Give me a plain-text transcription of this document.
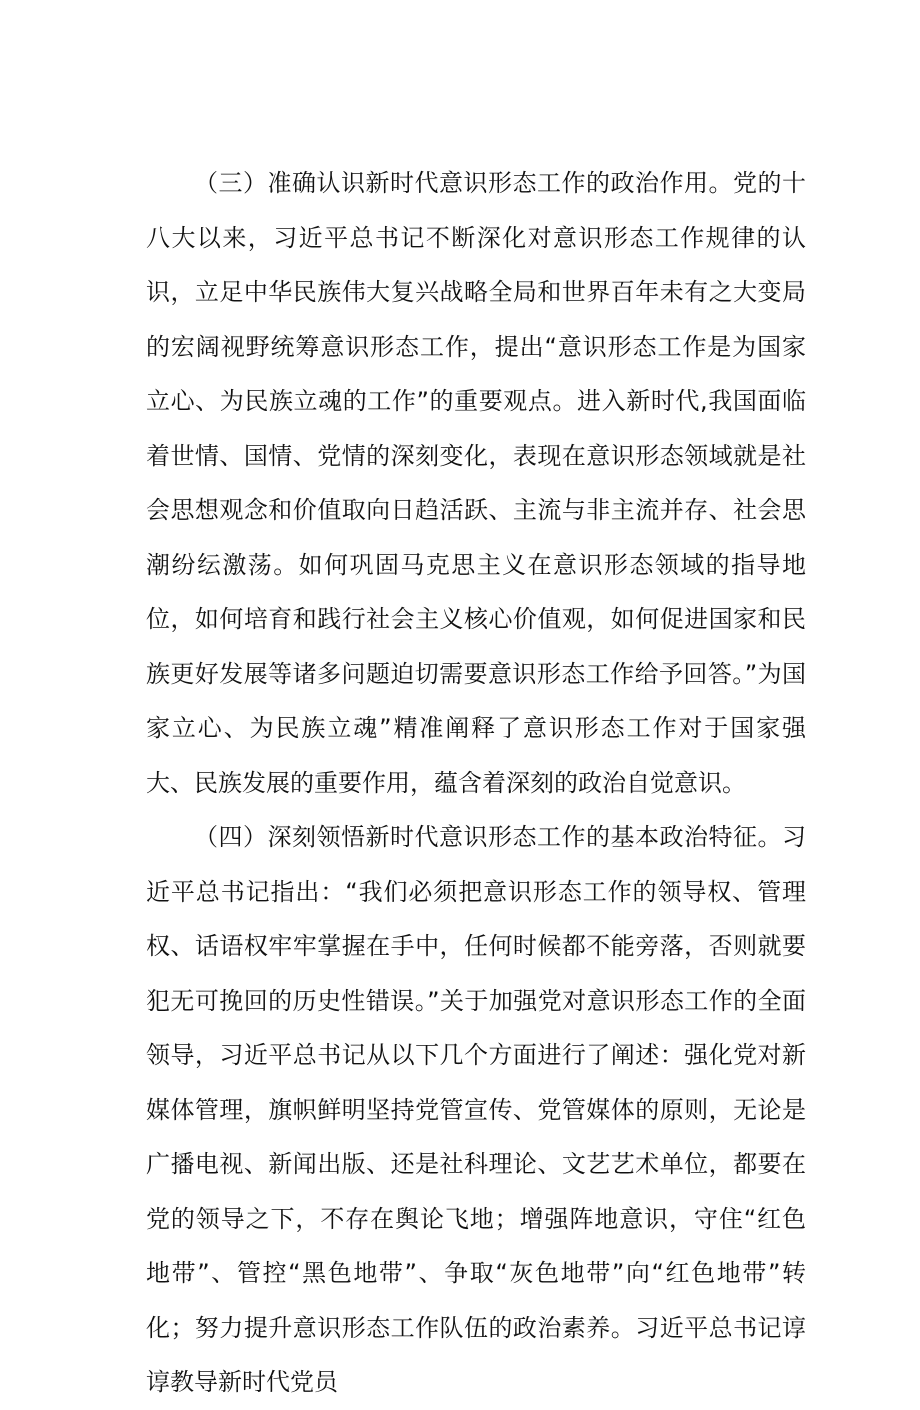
（三）准确认识新时代意识形态工作的政治作用。党的十八大以来，习近平总书记不断深化对意识形态工作规律的认识，立足中华民族伟大复兴战略全局和世界百年未有之大变局的宏阔视野统筹意识形态工作，提出“意识形态工作是为国家立心、为民族立魂的工作”的重要观点。进入新时代,我国面临着世情、国情、党情的深刻变化，表现在意识形态领域就是社会思想观念和价值取向日趋活跃、主流与非主流并存、社会思潮纷纭激荡。如何巩固马克思主义在意识形态领域的指导地位，如何培育和践行社会主义核心价值观，如何促进国家和民族更好发展等诸多问题迫切需要意识形态工作给予回答。”为国家立心、为民族立魂”精准阐释了意识形态工作对于国家强大、民族发展的重要作用，蕴含着深刻的政治自觉意识。

（四）深刻领悟新时代意识形态工作的基本政治特征。习近平总书记指出：“我们必须把意识形态工作的领导权、管理权、话语权牢牢掌握在手中，任何时候都不能旁落，否则就要犯无可挽回的历史性错误。”关于加强党对意识形态工作的全面领导，习近平总书记从以下几个方面进行了阐述：强化党对新媒体管理，旗帜鲜明坚持党管宣传、党管媒体的原则，无论是广播电视、新闻出版、还是社科理论、文艺艺术单位，都要在党的领导之下，不存在舆论飞地；增强阵地意识，守住“红色地带”、管控“黑色地带”、争取“灰色地带”向“红色地带”转化；努力提升意识形态工作队伍的政治素养。习近平总书记谆谆教导新时代党员
